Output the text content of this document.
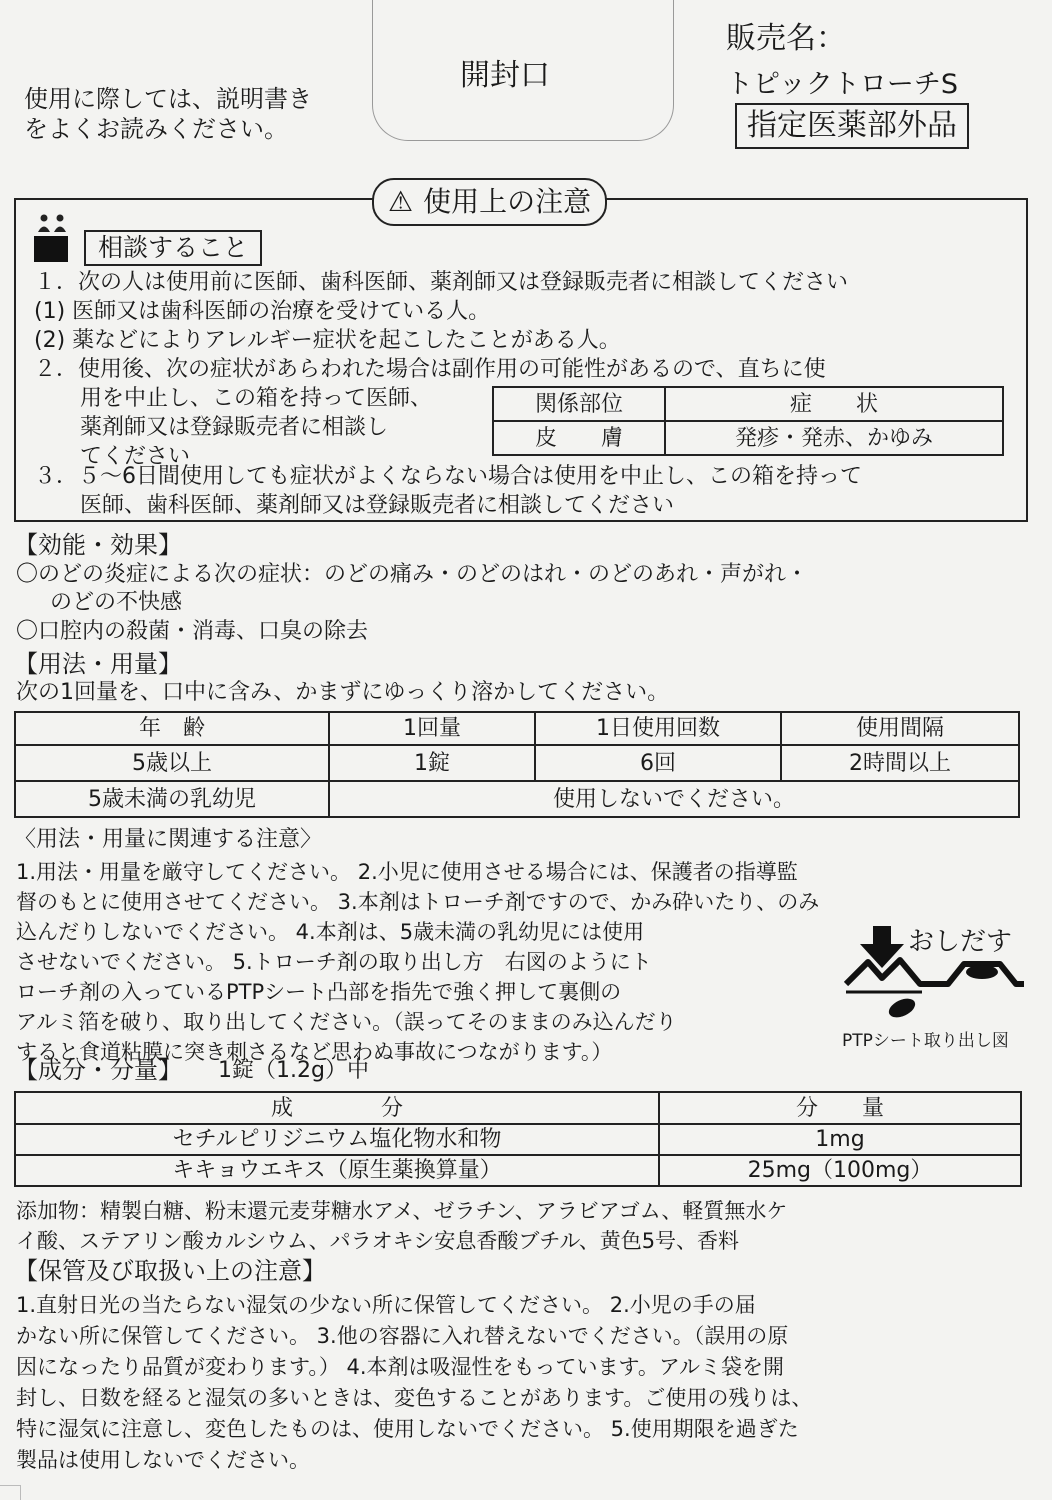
使用に際しては、説明書き
をよくお読みください。
開封口
販売名：
トピックトローチS
指定医薬部外品
⚠ 使用上の注意
相談すること
１．次の人は使用前に医師、歯科医師、薬剤師又は登録販売者に相談してください
(1) 医師又は歯科医師の治療を受けている人。
(2) 薬などによりアレルギー症状を起こしたことがある人。
２．使用後、次の症状があらわれた場合は副作用の可能性があるので、直ちに使
用を中止し、この箱を持って医師、
薬剤師又は登録販売者に相談し
てください
３．５〜6日間使用しても症状がよくならない場合は使用を中止し、この箱を持って
医師、歯科医師、薬剤師又は登録販売者に相談してください
関係部位	症　　状
皮　　膚	発疹・発赤、かゆみ
【効能・効果】
〇のどの炎症による次の症状：のどの痛み・のどのはれ・のどのあれ・声がれ・
のどの不快感
〇口腔内の殺菌・消毒、口臭の除去
【用法・用量】
次の1回量を、口中に含み、かまずにゆっくり溶かしてください。
年　齢	1回量	1日使用回数	使用間隔
5歳以上	1錠	6回	2時間以上
5歳未満の乳幼児	使用しないでください。		
〈用法・用量に関連する注意〉
1.用法・用量を厳守してください。 2.小児に使用させる場合には、保護者の指導監
督のもとに使用させてください。 3.本剤はトローチ剤ですので、かみ砕いたり、のみ
込んだりしないでください。 4.本剤は、5歳未満の乳幼児には使用
させないでください。 5.トローチ剤の取り出し方　右図のようにト
ローチ剤の入っているPTPシート凸部を指先で強く押して裏側の
アルミ箔を破り、取り出してください。（誤ってそのままのみ込んだり
すると食道粘膜に突き刺さるなど思わぬ事故につながります。）
おしだす
PTPシート取り出し図
【成分・分量】 1錠（1.2g）中
成　　　　分	分　　量
セチルピリジニウム塩化物水和物	1mg
キキョウエキス（原生薬換算量）	25mg（100mg）
添加物：精製白糖、粉末還元麦芽糖水アメ、ゼラチン、アラビアゴム、軽質無水ケ
イ酸、ステアリン酸カルシウム、パラオキシ安息香酸ブチル、黄色5号、香料
【保管及び取扱い上の注意】
1.直射日光の当たらない湿気の少ない所に保管してください。 2.小児の手の届
かない所に保管してください。 3.他の容器に入れ替えないでください。（誤用の原
因になったり品質が変わります。） 4.本剤は吸湿性をもっています。アルミ袋を開
封し、日数を経ると湿気の多いときは、変色することがあります。ご使用の残りは、
特に湿気に注意し、変色したものは、使用しないでください。 5.使用期限を過ぎた
製品は使用しないでください。
